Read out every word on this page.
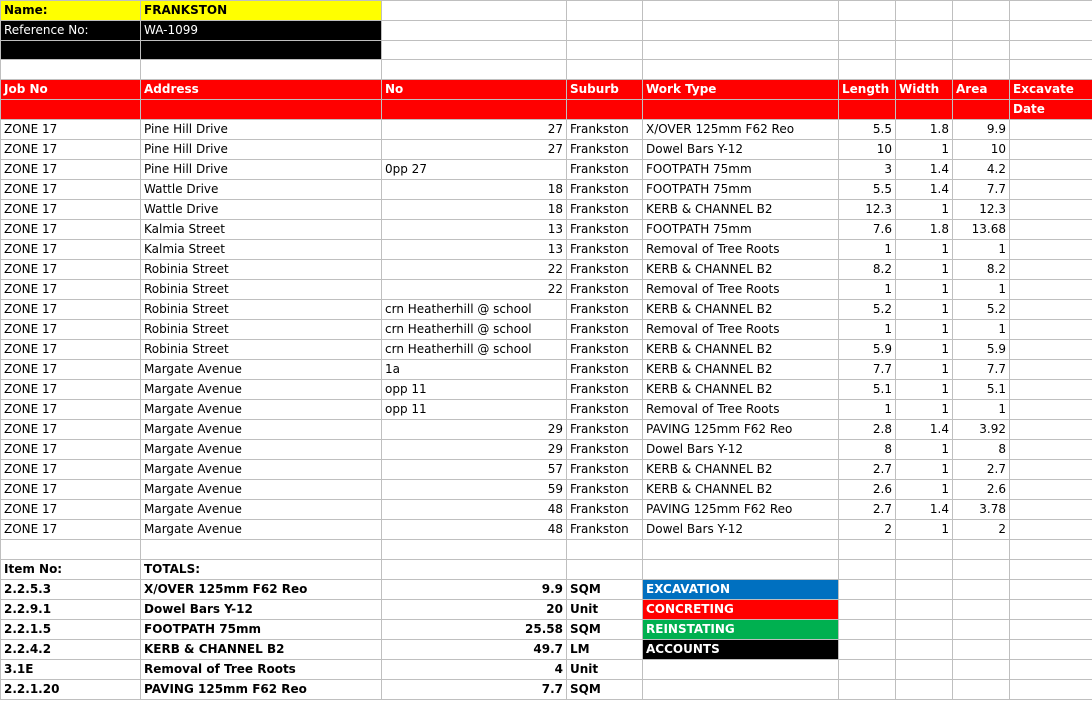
Name:	FRANKSTON							
Reference No:	WA-1099							

Job No	Address	No	Suburb	Work Type	Length	Width	Area	Excavate
								Date
ZONE 17	Pine Hill Drive	27	Frankston	X/OVER 125mm F62 Reo	5.5	1.8	9.9	
ZONE 17	Pine Hill Drive	27	Frankston	Dowel Bars Y-12	10	1	10	
ZONE 17	Pine Hill Drive	0pp 27	Frankston	FOOTPATH 75mm	3	1.4	4.2	
ZONE 17	Wattle Drive	18	Frankston	FOOTPATH 75mm	5.5	1.4	7.7	
ZONE 17	Wattle Drive	18	Frankston	KERB & CHANNEL B2	12.3	1	12.3	
ZONE 17	Kalmia Street	13	Frankston	FOOTPATH 75mm	7.6	1.8	13.68	
ZONE 17	Kalmia Street	13	Frankston	Removal of Tree Roots	1	1	1	
ZONE 17	Robinia Street	22	Frankston	KERB & CHANNEL B2	8.2	1	8.2	
ZONE 17	Robinia Street	22	Frankston	Removal of Tree Roots	1	1	1	
ZONE 17	Robinia Street	crn Heatherhill @ school	Frankston	KERB & CHANNEL B2	5.2	1	5.2	
ZONE 17	Robinia Street	crn Heatherhill @ school	Frankston	Removal of Tree Roots	1	1	1	
ZONE 17	Robinia Street	crn Heatherhill @ school	Frankston	KERB & CHANNEL B2	5.9	1	5.9	
ZONE 17	Margate Avenue	1a	Frankston	KERB & CHANNEL B2	7.7	1	7.7	
ZONE 17	Margate Avenue	opp 11	Frankston	KERB & CHANNEL B2	5.1	1	5.1	
ZONE 17	Margate Avenue	opp 11	Frankston	Removal of Tree Roots	1	1	1	
ZONE 17	Margate Avenue	29	Frankston	PAVING 125mm F62 Reo	2.8	1.4	3.92	
ZONE 17	Margate Avenue	29	Frankston	Dowel Bars Y-12	8	1	8	
ZONE 17	Margate Avenue	57	Frankston	KERB & CHANNEL B2	2.7	1	2.7	
ZONE 17	Margate Avenue	59	Frankston	KERB & CHANNEL B2	2.6	1	2.6	
ZONE 17	Margate Avenue	48	Frankston	PAVING 125mm F62 Reo	2.7	1.4	3.78	
ZONE 17	Margate Avenue	48	Frankston	Dowel Bars Y-12	2	1	2	

Item No:	TOTALS:							
2.2.5.3	X/OVER 125mm F62 Reo	9.9	SQM	EXCAVATION				
2.2.9.1	Dowel Bars Y-12	20	Unit	CONCRETING				
2.2.1.5	FOOTPATH 75mm	25.58	SQM	REINSTATING				
2.2.4.2	KERB & CHANNEL B2	49.7	LM	ACCOUNTS				
3.1E	Removal of Tree Roots	4	Unit					
2.2.1.20	PAVING 125mm F62 Reo	7.7	SQM					
